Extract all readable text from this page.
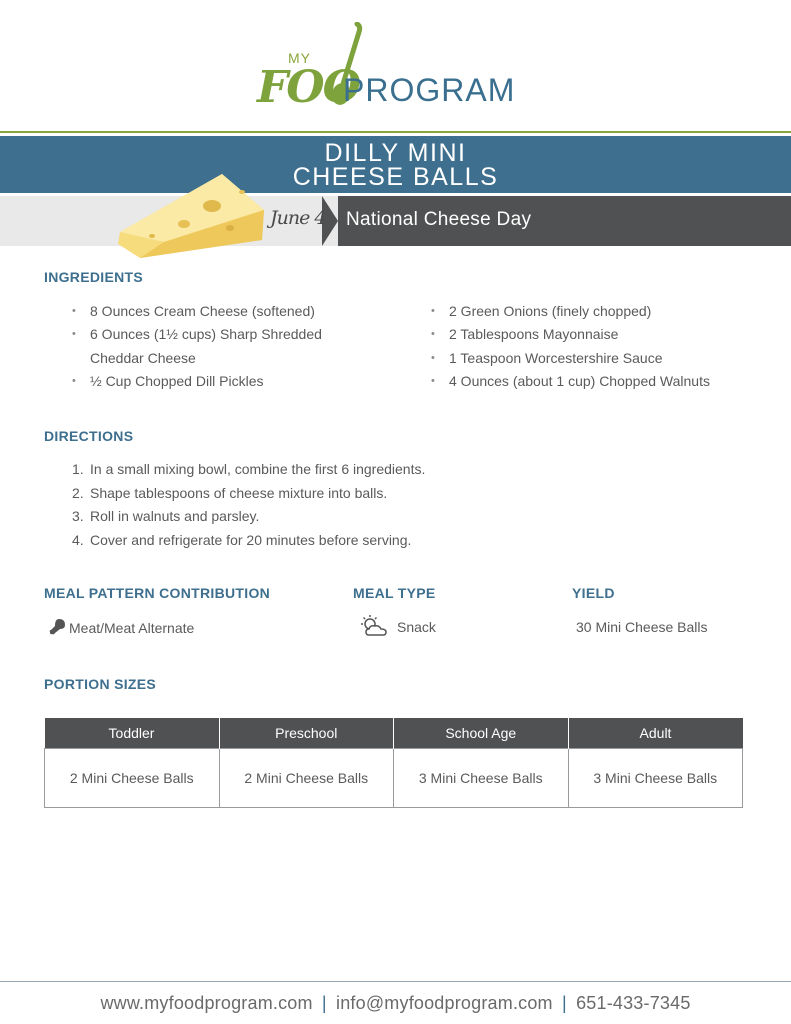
MY
FOO
PROGRAM
DILLY MINI
CHEESE BALLS
June 4 National Cheese Day
INGREDIENTS
• 8 Ounces Cream Cheese (softened)
• 6 Ounces (1½ cups) Sharp Shredded Cheddar Cheese
• ½ Cup Chopped Dill Pickles
• 2 Green Onions (finely chopped)
• 2 Tablespoons Mayonnaise
• 1 Teaspoon Worcestershire Sauce
• 4 Ounces (about 1 cup) Chopped Walnuts
DIRECTIONS
1. In a small mixing bowl, combine the first 6 ingredients.
2. Shape tablespoons of cheese mixture into balls.
3. Roll in walnuts and parsley.
4. Cover and refrigerate for 20 minutes before serving.
MEAL PATTERN CONTRIBUTION
Meat/Meat Alternate
MEAL TYPE
Snack
YIELD
30 Mini Cheese Balls
PORTION SIZES
Toddler	Preschool	School Age	Adult
2 Mini Cheese Balls	2 Mini Cheese Balls	3 Mini Cheese Balls	3 Mini Cheese Balls
www.myfoodprogram.com | info@myfoodprogram.com | 651-433-7345
